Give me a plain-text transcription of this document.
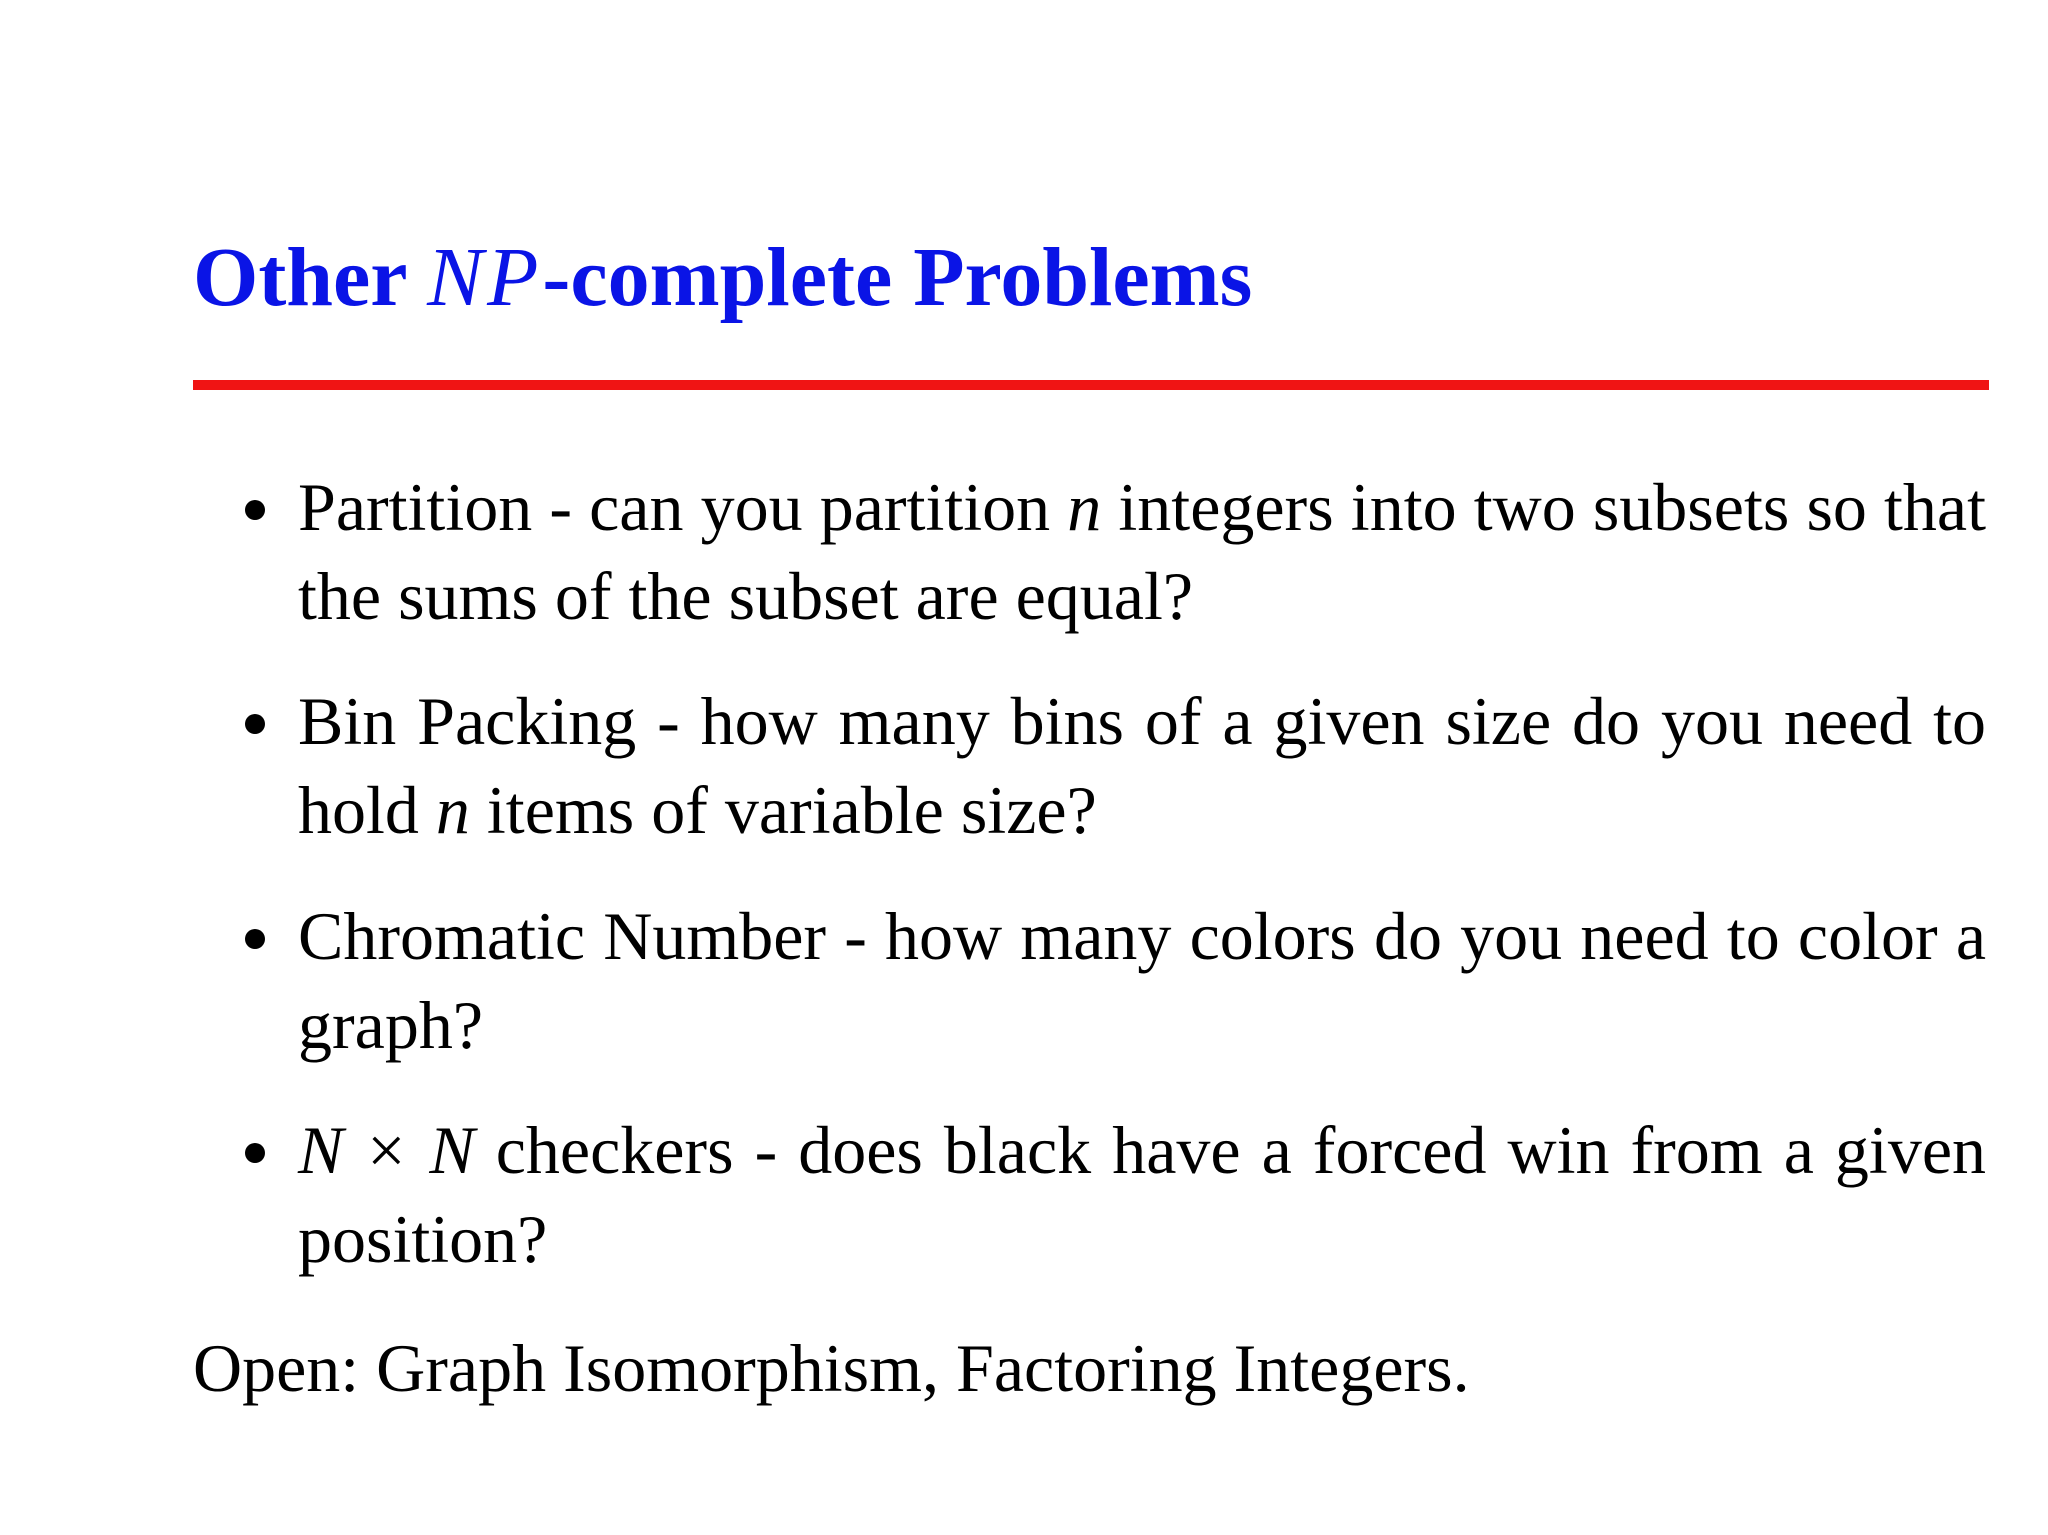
Other NP-complete Problems
Partition - can you partition n integers into two subsets so that the sums of the subset are equal?
Bin Packing - how many bins of a given size do you need to hold n items of variable size?
Chromatic Number - how many colors do you need to color a graph?
N × N checkers - does black have a forced win from a given position?

Open: Graph Isomorphism, Factoring Integers.
